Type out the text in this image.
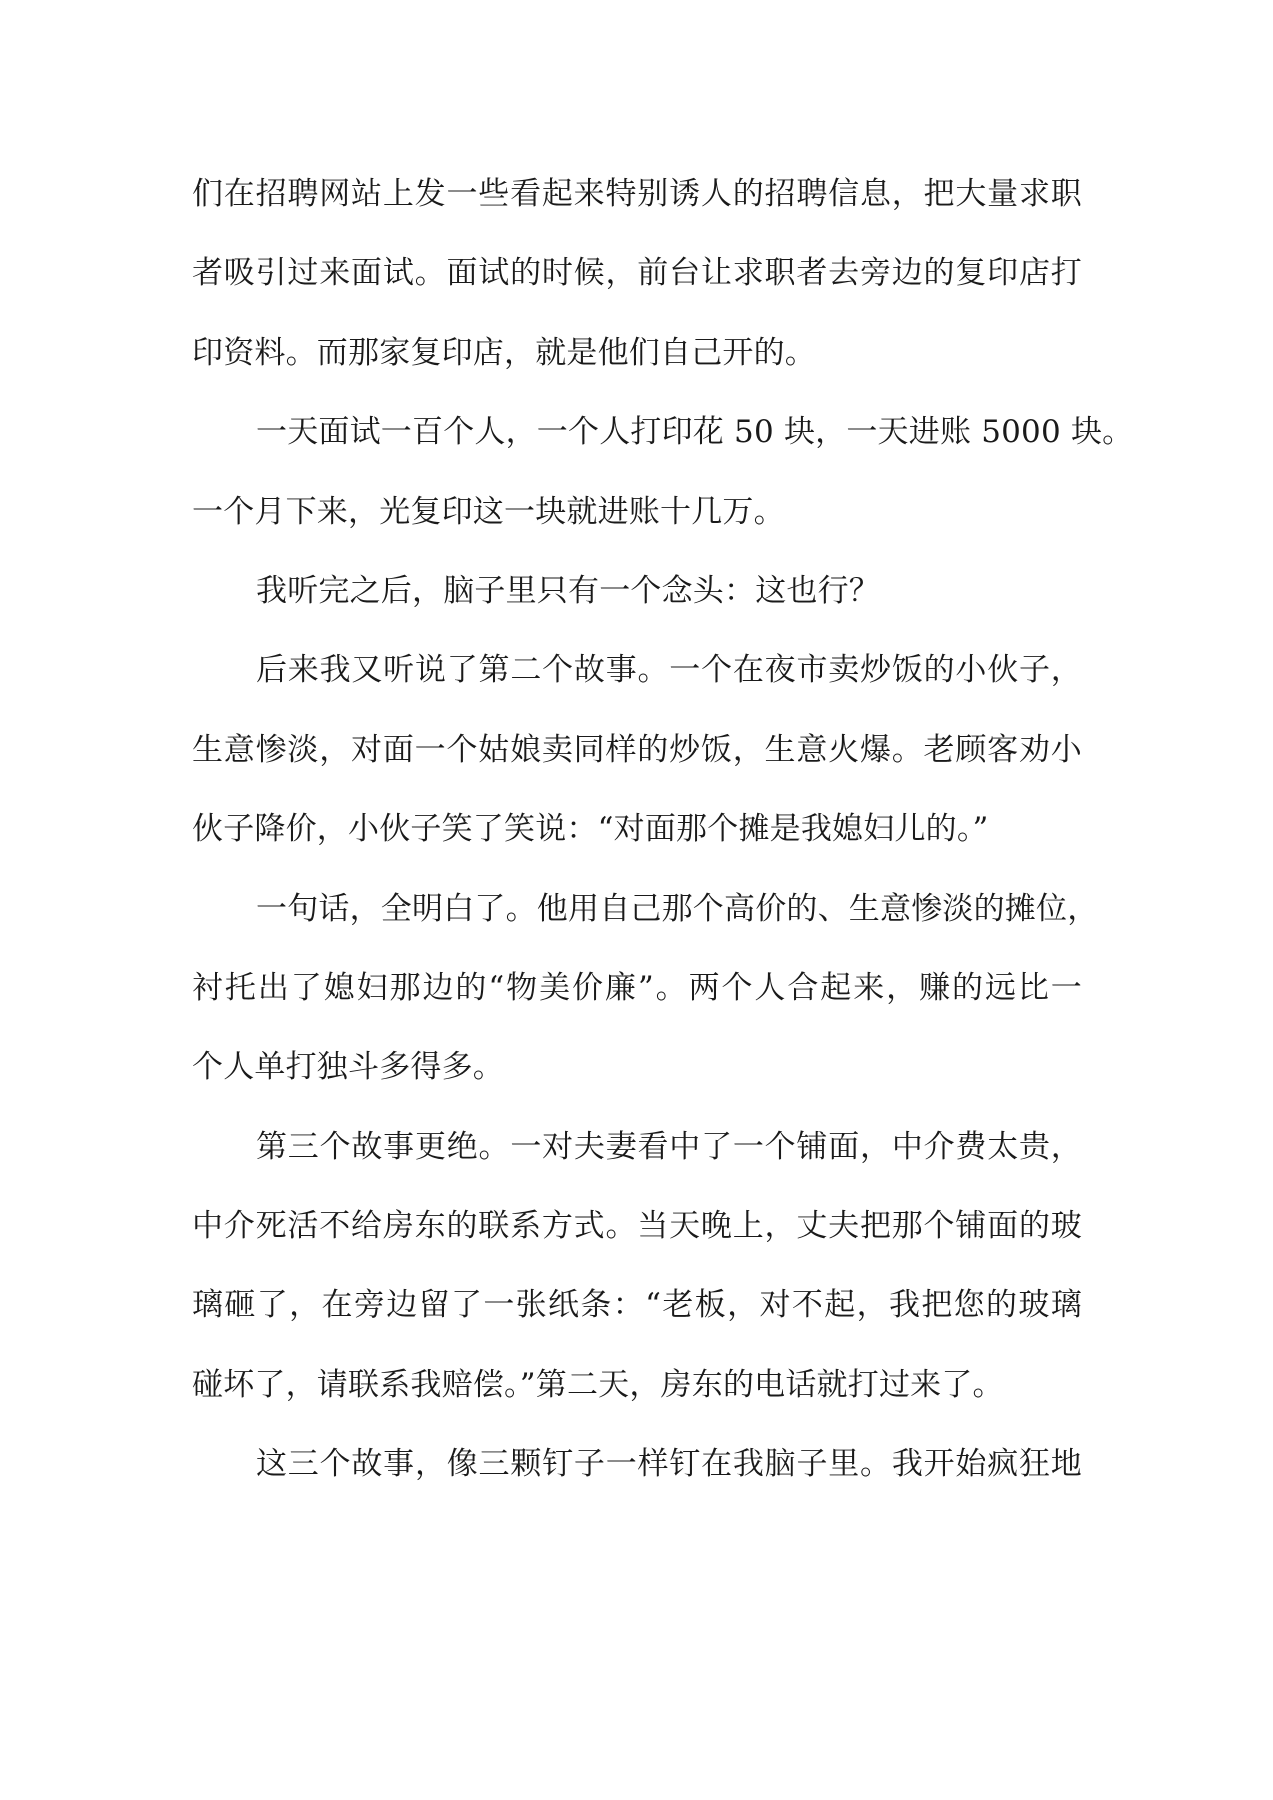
们在招聘网站上发一些看起来特别诱人的招聘信息，把大量求职
者吸引过来面试。面试的时候，前台让求职者去旁边的复印店打
印资料。而那家复印店，就是他们自己开的。
一天面试一百个人，一个人打印花 50 块，一天进账 5000 块。
一个月下来，光复印这一块就进账十几万。
我听完之后，脑子里只有一个念头：这也行？
后来我又听说了第二个故事。一个在夜市卖炒饭的小伙子，
生意惨淡，对面一个姑娘卖同样的炒饭，生意火爆。老顾客劝小
伙子降价，小伙子笑了笑说：“对面那个摊是我媳妇儿的。”
一句话，全明白了。他用自己那个高价的、生意惨淡的摊位，
衬托出了媳妇那边的“物美价廉”。两个人合起来，赚的远比一
个人单打独斗多得多。
第三个故事更绝。一对夫妻看中了一个铺面，中介费太贵，
中介死活不给房东的联系方式。当天晚上，丈夫把那个铺面的玻
璃砸了，在旁边留了一张纸条：“老板，对不起，我把您的玻璃
碰坏了，请联系我赔偿。”第二天，房东的电话就打过来了。
这三个故事，像三颗钉子一样钉在我脑子里。我开始疯狂地
